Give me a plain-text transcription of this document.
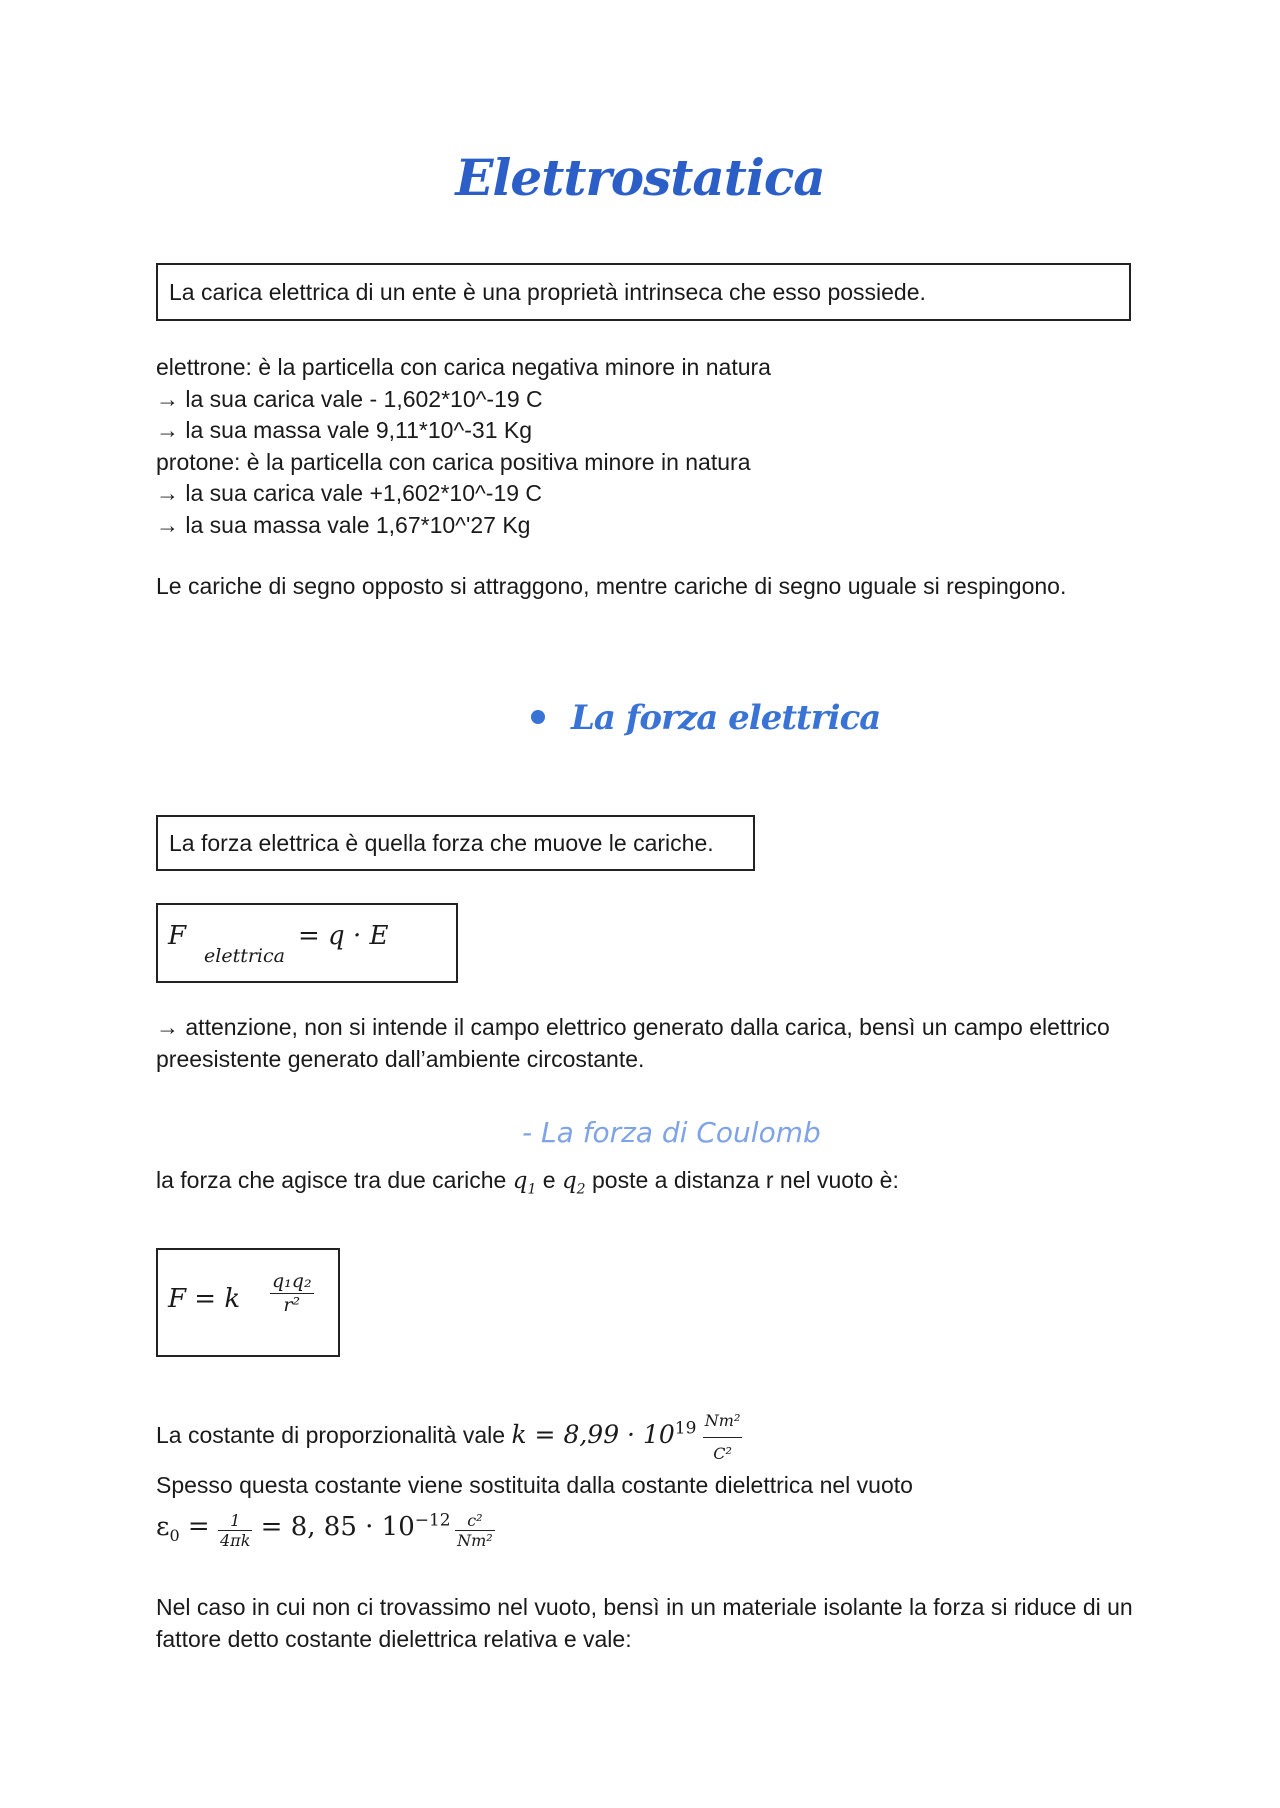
Elettrostatica
La carica elettrica di un ente è una proprietà intrinseca che esso possiede.
elettrone: è la particella con carica negativa minore in natura
→ la sua carica vale - 1,602*10^-19 C
→ la sua massa vale 9,11*10^-31 Kg
protone: è la particella con carica positiva minore in natura
→ la sua carica vale +1,602*10^-19 C
→ la sua massa vale 1,67*10^'27 Kg
Le cariche di segno opposto si attraggono, mentre cariche di segno uguale si respingono.
La forza elettrica
La forza elettrica è quella forza che muove le cariche.
F
elettrica
= q · E
→ attenzione, non si intende il campo elettrico generato dalla carica, bensì un campo elettrico preesistente generato dall’ambiente circostante.
- La forza di Coulomb
la forza che agisce tra due cariche $q_1$ e $q_2$ poste a distanza r nel vuoto è:
F = k $\frac{\text{q₁q₂}}{\text{r²}}$
La costante di proporzionalità vale $k = 8,99 \cdot 10^{19} \frac{\text{Nm²}}{\text{C²}}$
Spesso questa costante viene sostituita dalla costante dielettrica nel vuoto
$\varepsilon_0 = \frac{1}{4\pi k} = 8$, $85 \cdot 10^{-12} \frac{\text{c²}}{\text{Nm²}}$
Nel caso in cui non ci trovassimo nel vuoto, bensì in un materiale isolante la forza si riduce di un fattore detto costante dielettrica relativa e vale:
